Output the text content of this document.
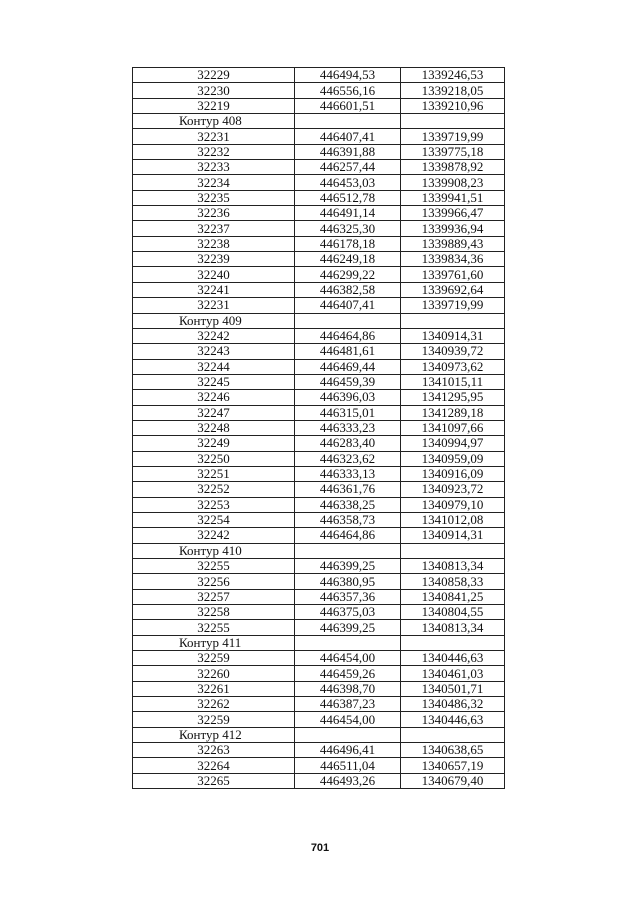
32229	446494,53	1339246,53
32230	446556,16	1339218,05
32219	446601,51	1339210,96
Контур 408		
32231	446407,41	1339719,99
32232	446391,88	1339775,18
32233	446257,44	1339878,92
32234	446453,03	1339908,23
32235	446512,78	1339941,51
32236	446491,14	1339966,47
32237	446325,30	1339936,94
32238	446178,18	1339889,43
32239	446249,18	1339834,36
32240	446299,22	1339761,60
32241	446382,58	1339692,64
32231	446407,41	1339719,99
Контур 409		
32242	446464,86	1340914,31
32243	446481,61	1340939,72
32244	446469,44	1340973,62
32245	446459,39	1341015,11
32246	446396,03	1341295,95
32247	446315,01	1341289,18
32248	446333,23	1341097,66
32249	446283,40	1340994,97
32250	446323,62	1340959,09
32251	446333,13	1340916,09
32252	446361,76	1340923,72
32253	446338,25	1340979,10
32254	446358,73	1341012,08
32242	446464,86	1340914,31
Контур 410		
32255	446399,25	1340813,34
32256	446380,95	1340858,33
32257	446357,36	1340841,25
32258	446375,03	1340804,55
32255	446399,25	1340813,34
Контур 411		
32259	446454,00	1340446,63
32260	446459,26	1340461,03
32261	446398,70	1340501,71
32262	446387,23	1340486,32
32259	446454,00	1340446,63
Контур 412		
32263	446496,41	1340638,65
32264	446511,04	1340657,19
32265	446493,26	1340679,40
701
